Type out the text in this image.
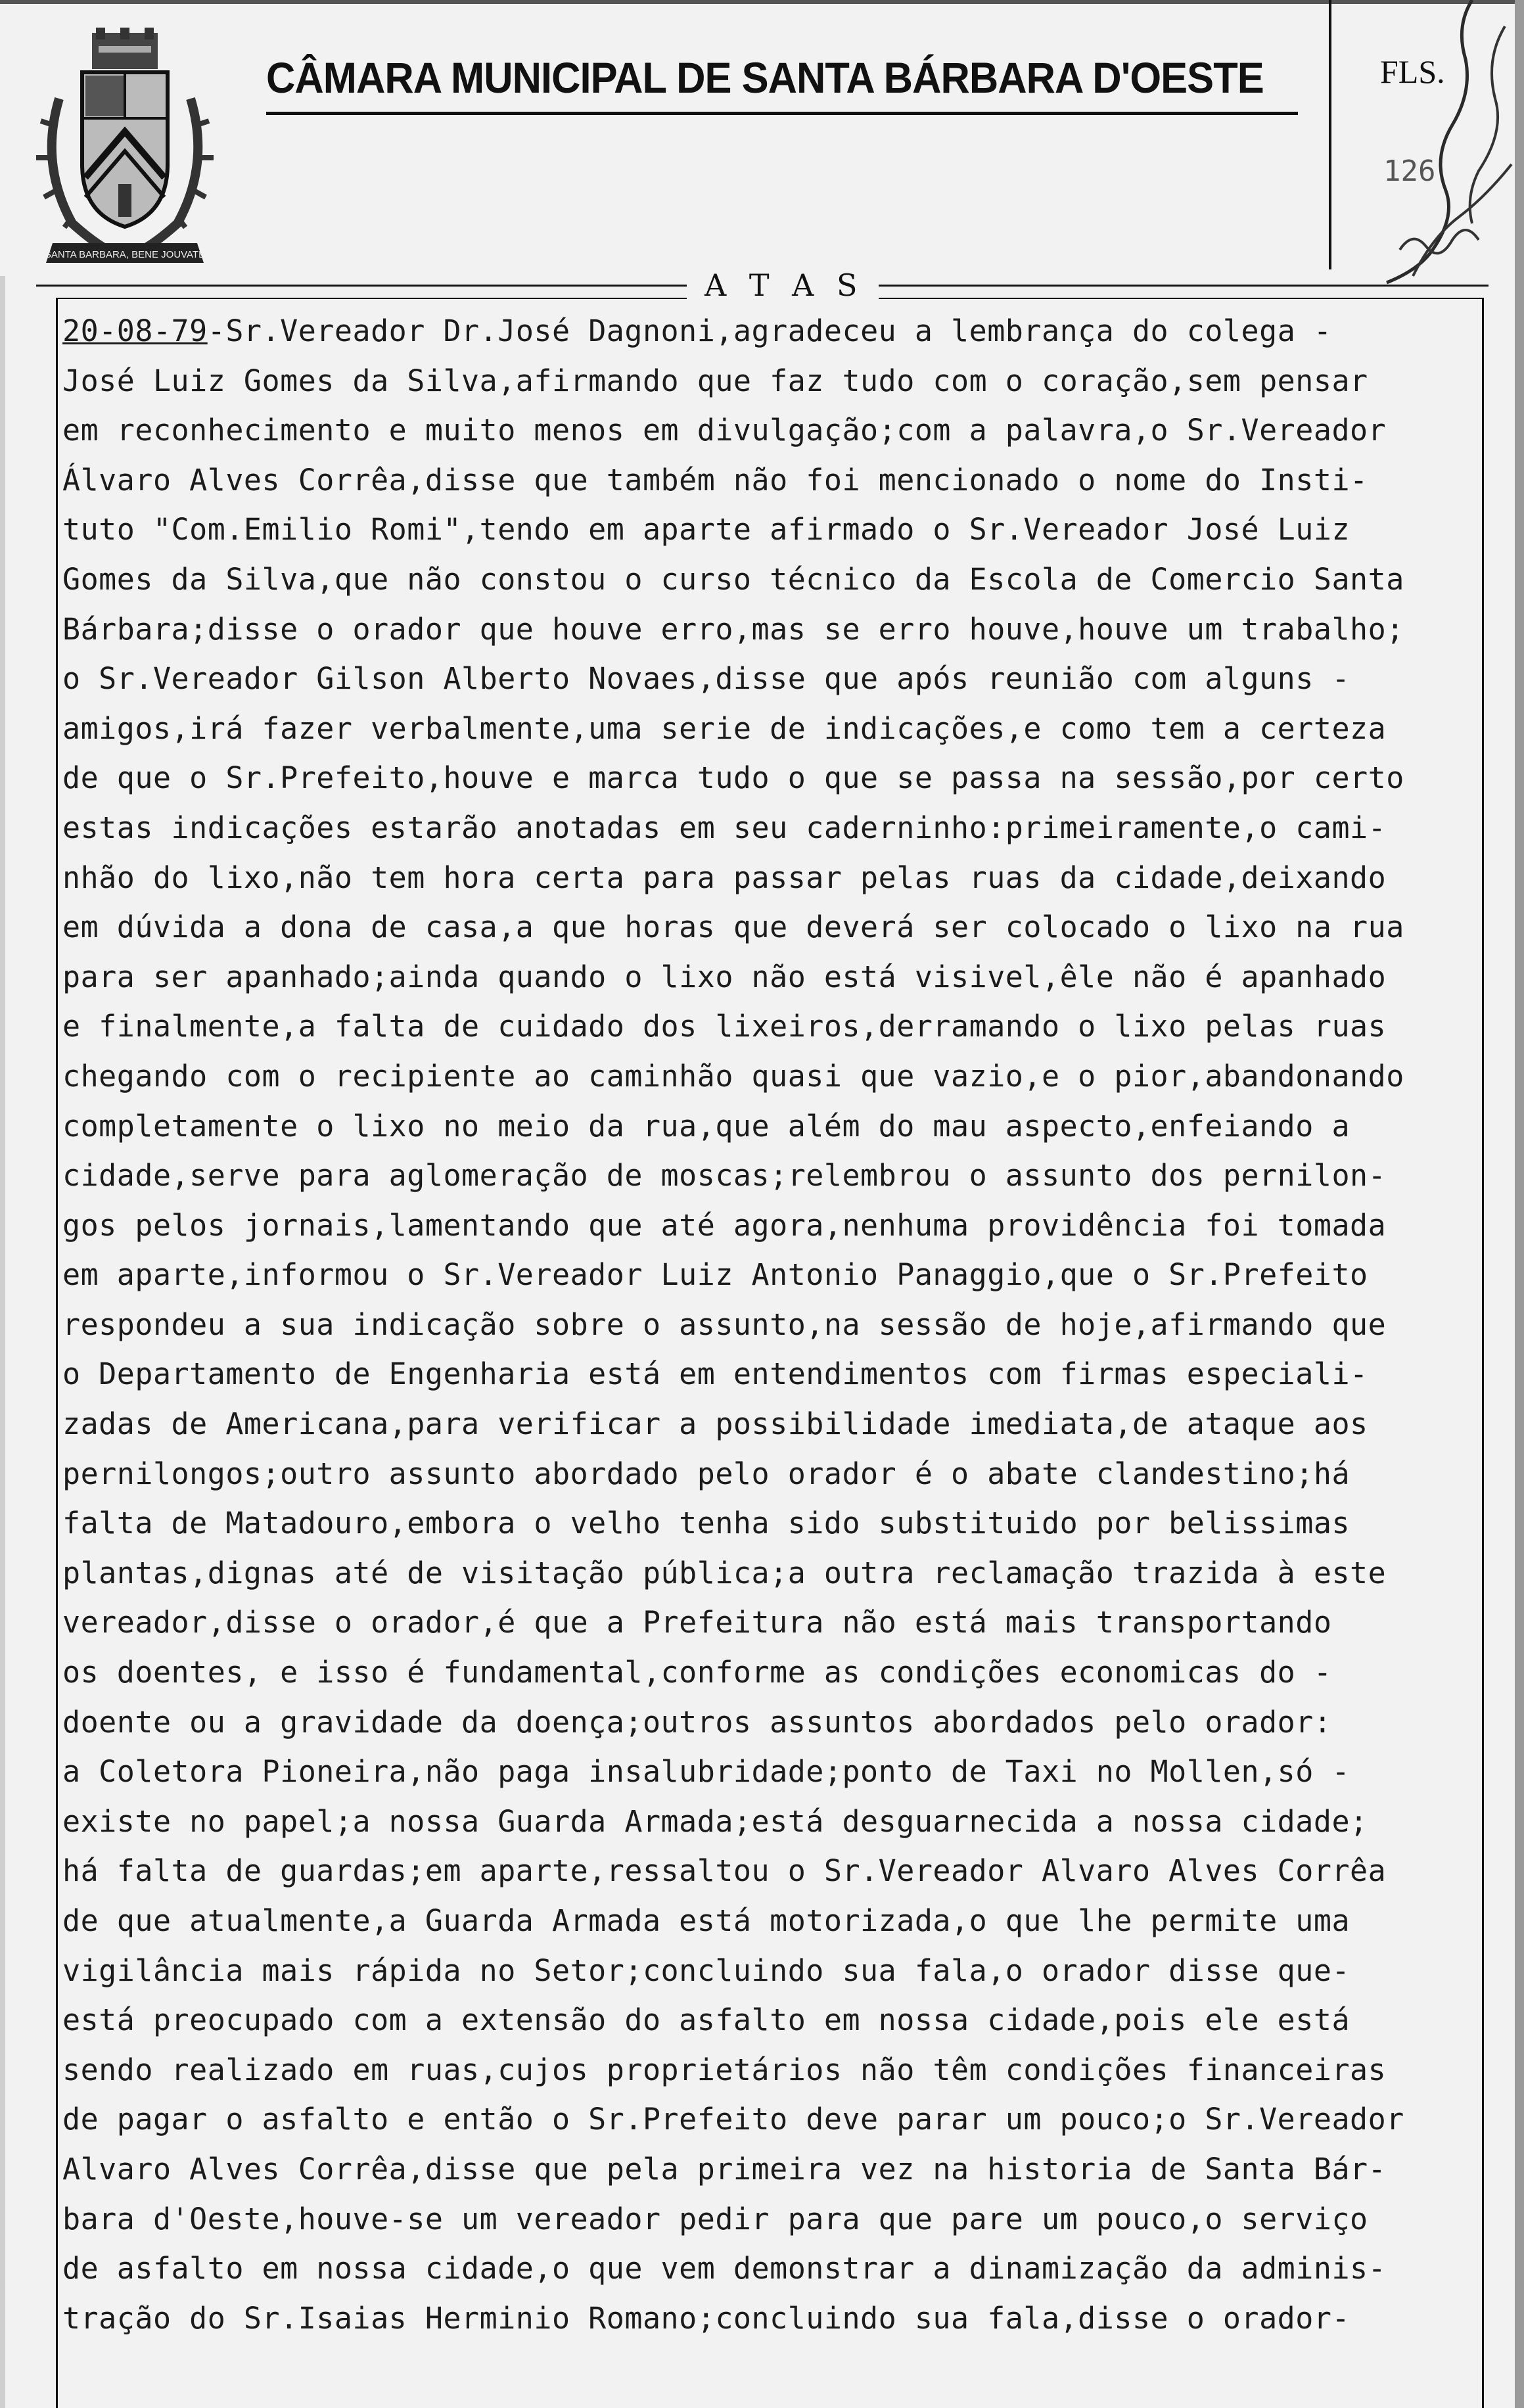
SANTA BARBARA, BENE JOUVATE
CÂMARA MUNICIPAL DE SANTA BÁRBARA D'OESTE	FLS.
126
A T A S
20-08-79-Sr.Vereador Dr.José Dagnoni,agradeceu a lembrança do colega -
José Luiz Gomes da Silva,afirmando que faz tudo com o coração,sem pensar
em reconhecimento e muito menos em divulgação;com a palavra,o Sr.Vereador
Álvaro Alves Corrêa,disse que também não foi mencionado o nome do Insti-
tuto "Com.Emilio Romi",tendo em aparte afirmado o Sr.Vereador José Luiz
Gomes da Silva,que não constou o curso técnico da Escola de Comercio Santa
Bárbara;disse o orador que houve erro,mas se erro houve,houve um trabalho;
o Sr.Vereador Gilson Alberto Novaes,disse que após reunião com alguns -
amigos,irá fazer verbalmente,uma serie de indicações,e como tem a certeza
de que o Sr.Prefeito,houve e marca tudo o que se passa na sessão,por certo
estas indicações estarão anotadas em seu caderninho:primeiramente,o cami-
nhão do lixo,não tem hora certa para passar pelas ruas da cidade,deixando
em dúvida a dona de casa,a que horas que deverá ser colocado o lixo na rua
para ser apanhado;ainda quando o lixo não está visivel,êle não é apanhado
e finalmente,a falta de cuidado dos lixeiros,derramando o lixo pelas ruas
chegando com o recipiente ao caminhão quasi que vazio,e o pior,abandonando
completamente o lixo no meio da rua,que além do mau aspecto,enfeiando a
cidade,serve para aglomeração de moscas;relembrou o assunto dos pernilon-
gos pelos jornais,lamentando que até agora,nenhuma providência foi tomada
em aparte,informou o Sr.Vereador Luiz Antonio Panaggio,que o Sr.Prefeito
respondeu a sua indicação sobre o assunto,na sessão de hoje,afirmando que
o Departamento de Engenharia está em entendimentos com firmas especiali-
zadas de Americana,para verificar a possibilidade imediata,de ataque aos
pernilongos;outro assunto abordado pelo orador é o abate clandestino;há
falta de Matadouro,embora o velho tenha sido substituido por belissimas
plantas,dignas até de visitação pública;a outra reclamação trazida à este
vereador,disse o orador,é que a Prefeitura não está mais transportando
os doentes, e isso é fundamental,conforme as condições economicas do -
doente ou a gravidade da doença;outros assuntos abordados pelo orador:
a Coletora Pioneira,não paga insalubridade;ponto de Taxi no Mollen,só -
existe no papel;a nossa Guarda Armada;está desguarnecida a nossa cidade;
há falta de guardas;em aparte,ressaltou o Sr.Vereador Alvaro Alves Corrêa
de que atualmente,a Guarda Armada está motorizada,o que lhe permite uma
vigilância mais rápida no Setor;concluindo sua fala,o orador disse que-
está preocupado com a extensão do asfalto em nossa cidade,pois ele está
sendo realizado em ruas,cujos proprietários não têm condições financeiras
de pagar o asfalto e então o Sr.Prefeito deve parar um pouco;o Sr.Vereador
Alvaro Alves Corrêa,disse que pela primeira vez na historia de Santa Bár-
bara d'Oeste,houve-se um vereador pedir para que pare um pouco,o serviço
de asfalto em nossa cidade,o que vem demonstrar a dinamização da adminis-
tração do Sr.Isaias Herminio Romano;concluindo sua fala,disse o orador-
